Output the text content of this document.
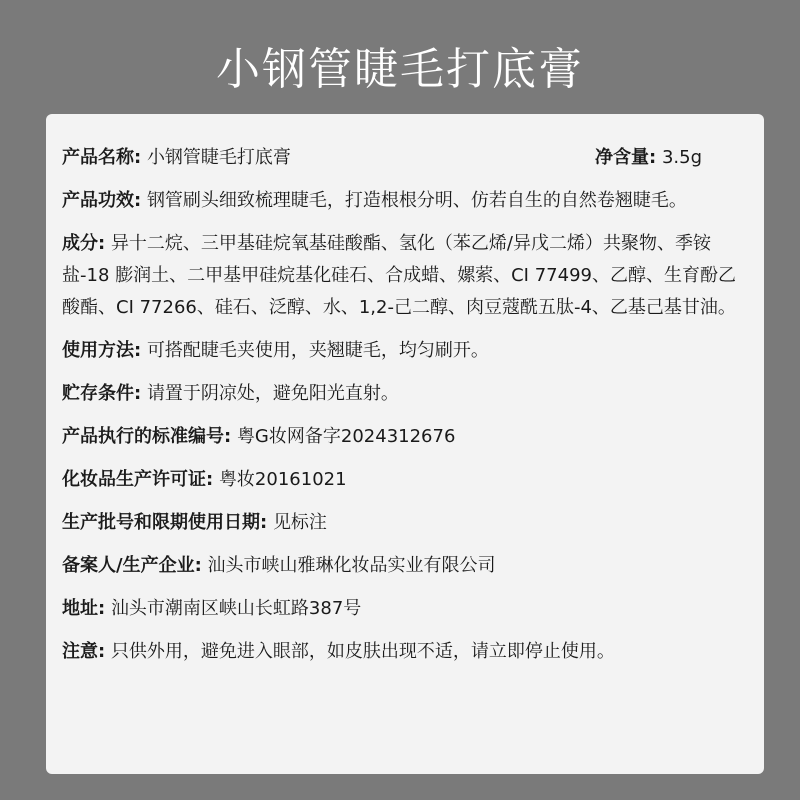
小钢管睫毛打底膏
产品名称: 小钢管睫毛打底膏	净含量: 3.5g
产品功效: 钢管刷头细致梳理睫毛，打造根根分明、仿若自生的自然卷翘睫毛。
成分: 异十二烷、三甲基硅烷氧基硅酸酯、氢化（苯乙烯/异戊二烯）共聚物、季铵盐-18 膨润土、二甲基甲硅烷基化硅石、合成蜡、嫘萦、CI 77499、乙醇、生育酚乙酸酯、CI 77266、硅石、泛醇、水、1,2-己二醇、肉豆蔻酰五肽-4、乙基己基甘油。
使用方法: 可搭配睫毛夹使用，夹翘睫毛，均匀刷开。
贮存条件: 请置于阴凉处，避免阳光直射。
产品执行的标准编号: 粤G妆网备字2024312676
化妆品生产许可证: 粤妆20161021
生产批号和限期使用日期: 见标注
备案人/生产企业: 汕头市峡山雅琳化妆品实业有限公司
地址: 汕头市潮南区峡山长虹路387号
注意: 只供外用，避免进入眼部，如皮肤出现不适，请立即停止使用。
